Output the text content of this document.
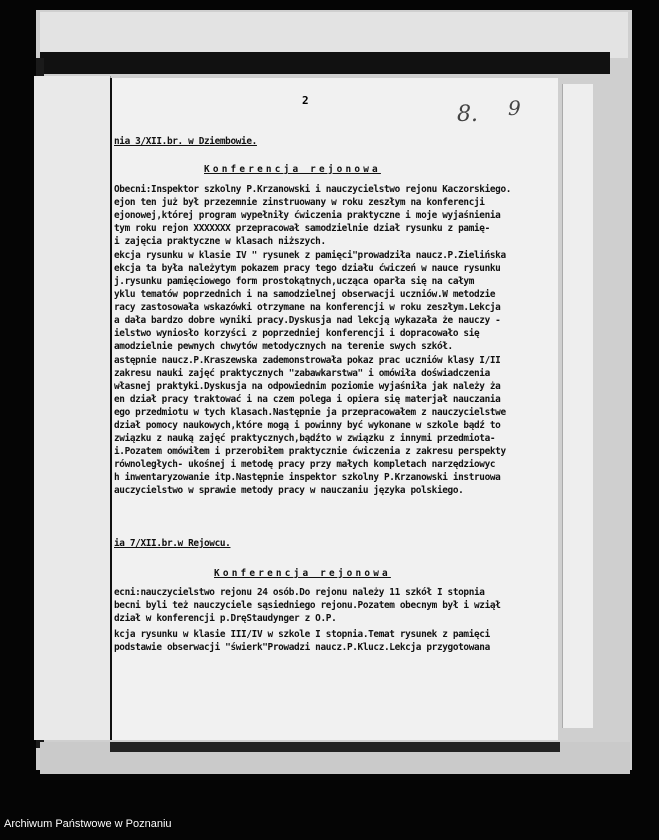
2
8. 9
nia 3/XII.br. w Dziembowie.
Konferencja rejonowa
Obecni:Inspektor szkolny P.Krzanowski i nauczycielstwo rejonu Kaczorskiego.
ejon ten już był przezemnie zinstruowany w roku zeszłym na konferencji
ejonowej,której program wypełniły ćwiczenia praktyczne i moje wyjaśnienia
tym roku rejon XXXXXXX przepracował samodzielnie dział rysunku z pamię-
i zajęcia praktyczne w klasach niższych.
ekcja rysunku w klasie IV " rysunek z pamięci"prowadziła naucz.P.Zielińska
ekcja ta była należytym pokazem pracy tego działu ćwiczeń w nauce rysunku
j.rysunku pamięciowego form prostokątnych,ucząca oparła się na całym
yklu tematów poprzednich i na samodzielnej obserwacji uczniów.W metodzie
racy zastosowała wskazówki otrzymane na konferencji w roku zeszłym.Lekcja
a dała bardzo dobre wyniki pracy.Dyskusja nad lekcją wykazała że nauczy -
ielstwo wyniosło korzyści z poprzedniej konferencji i dopracowało się
amodzielnie pewnych chwytów metodycznych na terenie swych szkół.
astępnie naucz.P.Kraszewska zademonstrowała pokaz prac uczniów klasy I/II
zakresu nauki zajęć praktycznych "zabawkarstwa" i omówiła doświadczenia
własnej praktyki.Dyskusja na odpowiednim poziomie wyjaśniła jak należy ża
en dział pracy traktować i na czem polega i opiera się materjał nauczania
ego przedmiotu w tych klasach.Następnie ja przepracowałem z nauczycielstwe
dział pomocy naukowych,które mogą i powinny być wykonane w szkole bądź to
związku z nauką zajęć praktycznych,bądźto w związku z innymi przedmiota-
i.Pozatem omówiłem i przerobiłem praktycznie ćwiczenia z zakresu perspekty
równoległych- ukośnej i metodę pracy przy małych kompletach narzędziowyc
h inwentaryzowanie itp.Następnie inspektor szkolny P.Krzanowski instruowa
auczycielstwo w sprawie metody pracy w nauczaniu języka polskiego.
ia 7/XII.br.w Rejowcu.
Konferencja rejonowa
ecni:nauczycielstwo rejonu 24 osób.Do rejonu należy 11 szkół I stopnia
becni byli też nauczyciele sąsiedniego rejonu.Pozatem obecnym był i wziął
dział w konferencji p.DręStaudynger z O.P.
kcja rysunku w klasie III/IV w szkole I stopnia.Temat rysunek z pamięci
podstawie obserwacji "świerk"Prowadzi naucz.P.Klucz.Lekcja przygotowana
Archiwum Państwowe w Poznaniu
